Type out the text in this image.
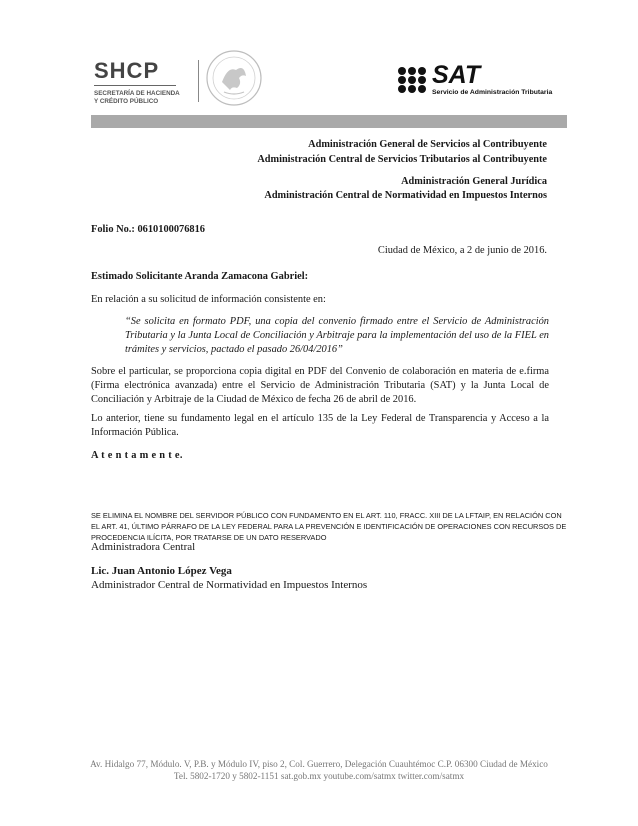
SHCP
SECRETARÍA DE HACIENDA
Y CRÉDITO PÚBLICO
SAT
Servicio de Administración Tributaria
Administración General de Servicios al Contribuyente
Administración Central de Servicios Tributarios al Contribuyente
Administración General Jurídica
Administración Central de Normatividad en Impuestos Internos
Folio No.: 0610100076816
Ciudad de México, a 2 de junio de 2016.
Estimado Solicitante Aranda Zamacona Gabriel:
En relación a su solicitud de información consistente en:
“Se solicita en formato PDF, una copia del convenio firmado entre el Servicio de Administración Tributaria y la Junta Local de Conciliación y Arbitraje para la implementación del uso de la FIEL en trámites y servicios, pactado el pasado 26/04/2016”
Sobre el particular, se proporciona copia digital en PDF del Convenio de colaboración en materia de e.firma (Firma electrónica avanzada) entre el Servicio de Administración Tributaria (SAT) y la Junta Local de Conciliación y Arbitraje de la Ciudad de México de fecha 26 de abril de 2016.
Lo anterior, tiene su fundamento legal en el artículo 135 de la Ley Federal de Transparencia y Acceso a la Información Pública.
A t e n t a m e n t e.
SE ELIMINA EL NOMBRE DEL SERVIDOR PÚBLICO CON FUNDAMENTO EN EL ART. 110, FRACC. XIII DE LA LFTAIP, EN RELACIÓN CON EL ART. 41, ÚLTIMO PÁRRAFO DE LA LEY FEDERAL PARA LA PREVENCIÓN E IDENTIFICACIÓN DE OPERACIONES CON RECURSOS DE PROCEDENCIA ILÍCITA, POR TRATARSE DE UN DATO RESERVADO
Administradora Central
Lic. Juan Antonio López Vega
Administrador Central de Normatividad en Impuestos Internos
Av. Hidalgo 77, Módulo. V, P.B. y Módulo IV, piso 2, Col. Guerrero, Delegación Cuauhtémoc C.P. 06300 Ciudad de México
Tel. 5802-1720 y 5802-1151 sat.gob.mx youtube.com/satmx twitter.com/satmx
